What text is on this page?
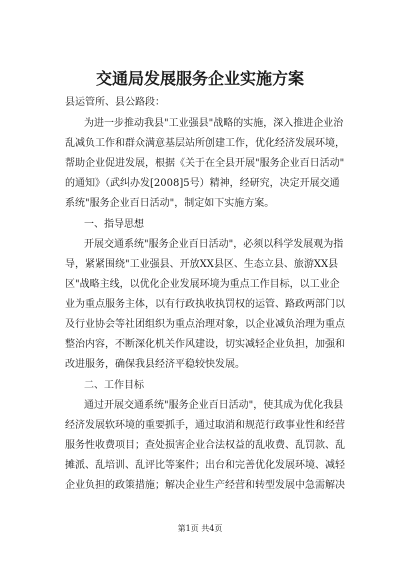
交通局发展服务企业实施方案
县运管所、县公路段：
为进一步推动我县"工业强县"战略的实施，深入推进企业治
乱减负工作和群众满意基层站所创建工作，优化经济发展环境，
帮助企业促进发展，根据《关于在全县开展"服务企业百日活动"
的通知》（武纠办发[2008]5号）精神，经研究，决定开展交通
系统"服务企业百日活动"，制定如下实施方案。
一、指导思想
开展交通系统"服务企业百日活动"，必须以科学发展观为指
导，紧紧围绕"工业强县、开放XX县区、生态立县、旅游XX县
区"战略主线，以优化企业发展环境为重点工作目标，以工业企
业为重点服务主体，以有行政执收执罚权的运管、路政两部门以
及行业协会等社团组织为重点治理对象，以企业减负治理为重点
整治内容，不断深化机关作风建设，切实减轻企业负担，加强和
改进服务，确保我县经济平稳较快发展。
二、工作目标
通过开展交通系统"服务企业百日活动"，使其成为优化我县
经济发展软环境的重要抓手，通过取消和规范行政事业性和经营
服务性收费项目；查处损害企业合法权益的乱收费、乱罚款、乱
摊派、乱培训、乱评比等案件；出台和完善优化发展环境、减轻
企业负担的政策措施；解决企业生产经营和转型发展中急需解决
第1页 共4页
